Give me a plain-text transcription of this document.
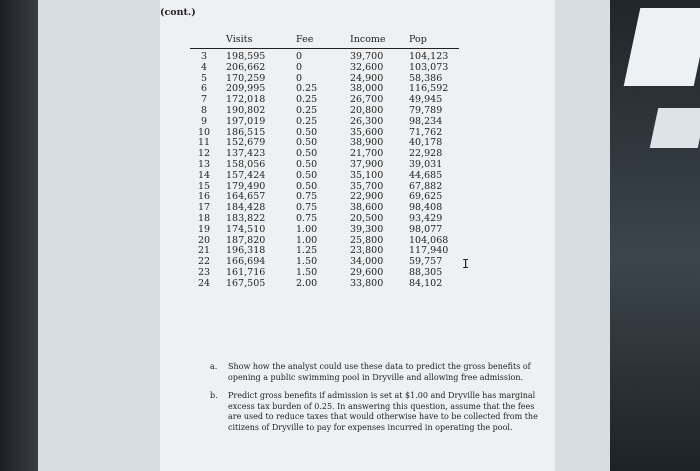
(cont.)
	Visits	Fee	Income	Pop
3	198,595	0	39,700	104,123
4	206,662	0	32,600	103,073
5	170,259	0	24,900	58,386
6	209,995	0.25	38,000	116,592
7	172,018	0.25	26,700	49,945
8	190,802	0.25	20,800	79,789
9	197,019	0.25	26,300	98,234
10	186,515	0.50	35,600	71,762
11	152,679	0.50	38,900	40,178
12	137,423	0.50	21,700	22,928
13	158,056	0.50	37,900	39,031
14	157,424	0.50	35,100	44,685
15	179,490	0.50	35,700	67,882
16	164,657	0.75	22,900	69,625
17	184,428	0.75	38,600	98,408
18	183,822	0.75	20,500	93,429
19	174,510	1.00	39,300	98,077
20	187,820	1.00	25,800	104,068
21	196,318	1.25	23,800	117,940
22	166,694	1.50	34,000	59,757
23	161,716	1.50	29,600	88,305
24	167,505	2.00	33,800	84,102
a.	Show how the analyst could use these data to predict the gross benefits of opening a public swimming pool in Dryville and allowing free admission.
b.	Predict gross benefits if admission is set at $1.00 and Dryville has marginal excess tax burden of 0.25. In answering this question, assume that the fees are used to reduce taxes that would otherwise have to be collected from the citizens of Dryville to pay for expenses incurred in operating the pool.
I
